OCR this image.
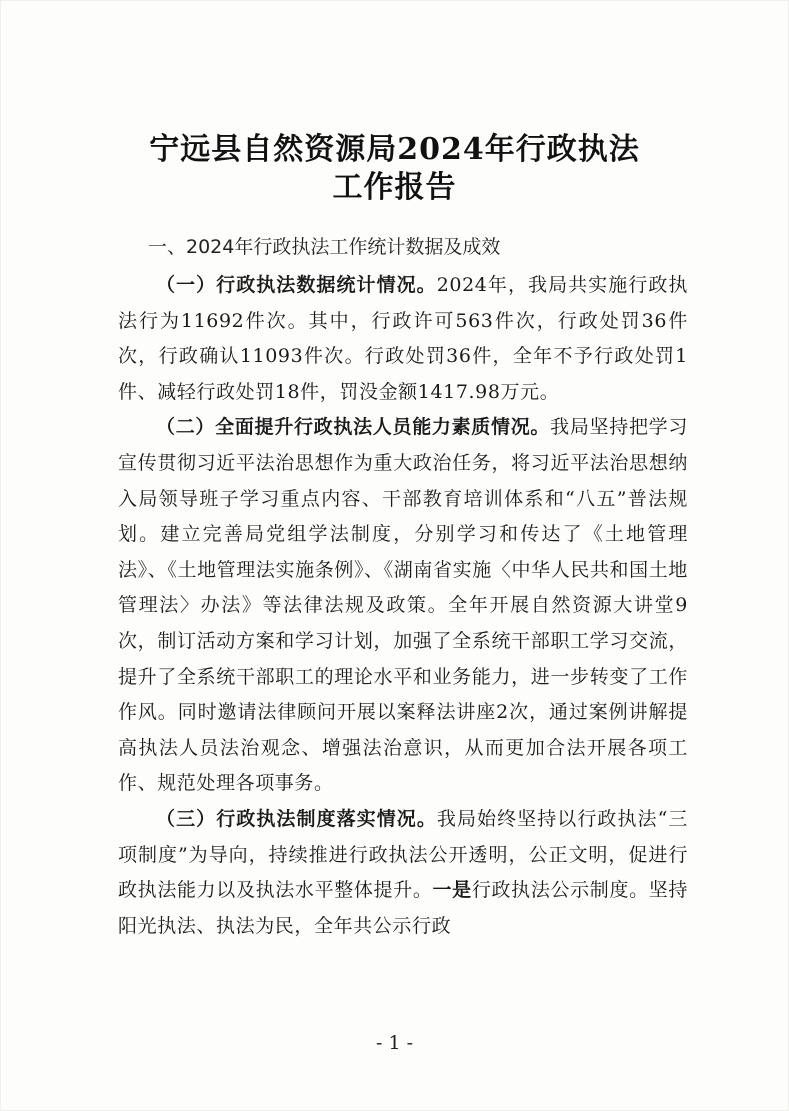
宁远县自然资源局2024年行政执法
工作报告
一、2024年行政执法工作统计数据及成效

（一）行政执法数据统计情况。2024年，我局共实施行政执法行为11692件次。其中，行政许可563件次，行政处罚36件次，行政确认11093件次。行政处罚36件，全年不予行政处罚1件、减轻行政处罚18件，罚没金额1417.98万元。

（二）全面提升行政执法人员能力素质情况。我局坚持把学习宣传贯彻习近平法治思想作为重大政治任务，将习近平法治思想纳入局领导班子学习重点内容、干部教育培训体系和“八五”普法规划。建立完善局党组学法制度，分别学习和传达了《土地管理法》、《土地管理法实施条例》、《湖南省实施〈中华人民共和国土地管理法〉办法》等法律法规及政策。全年开展自然资源大讲堂9次，制订活动方案和学习计划，加强了全系统干部职工学习交流，提升了全系统干部职工的理论水平和业务能力，进一步转变了工作作风。同时邀请法律顾问开展以案释法讲座2次，通过案例讲解提高执法人员法治观念、增强法治意识，从而更加合法开展各项工作、规范处理各项事务。

（三）行政执法制度落实情况。我局始终坚持以行政执法“三项制度”为导向，持续推进行政执法公开透明，公正文明，促进行政执法能力以及执法水平整体提升。一是行政执法公示制度。坚持阳光执法、执法为民，全年共公示行政

- 1 -
